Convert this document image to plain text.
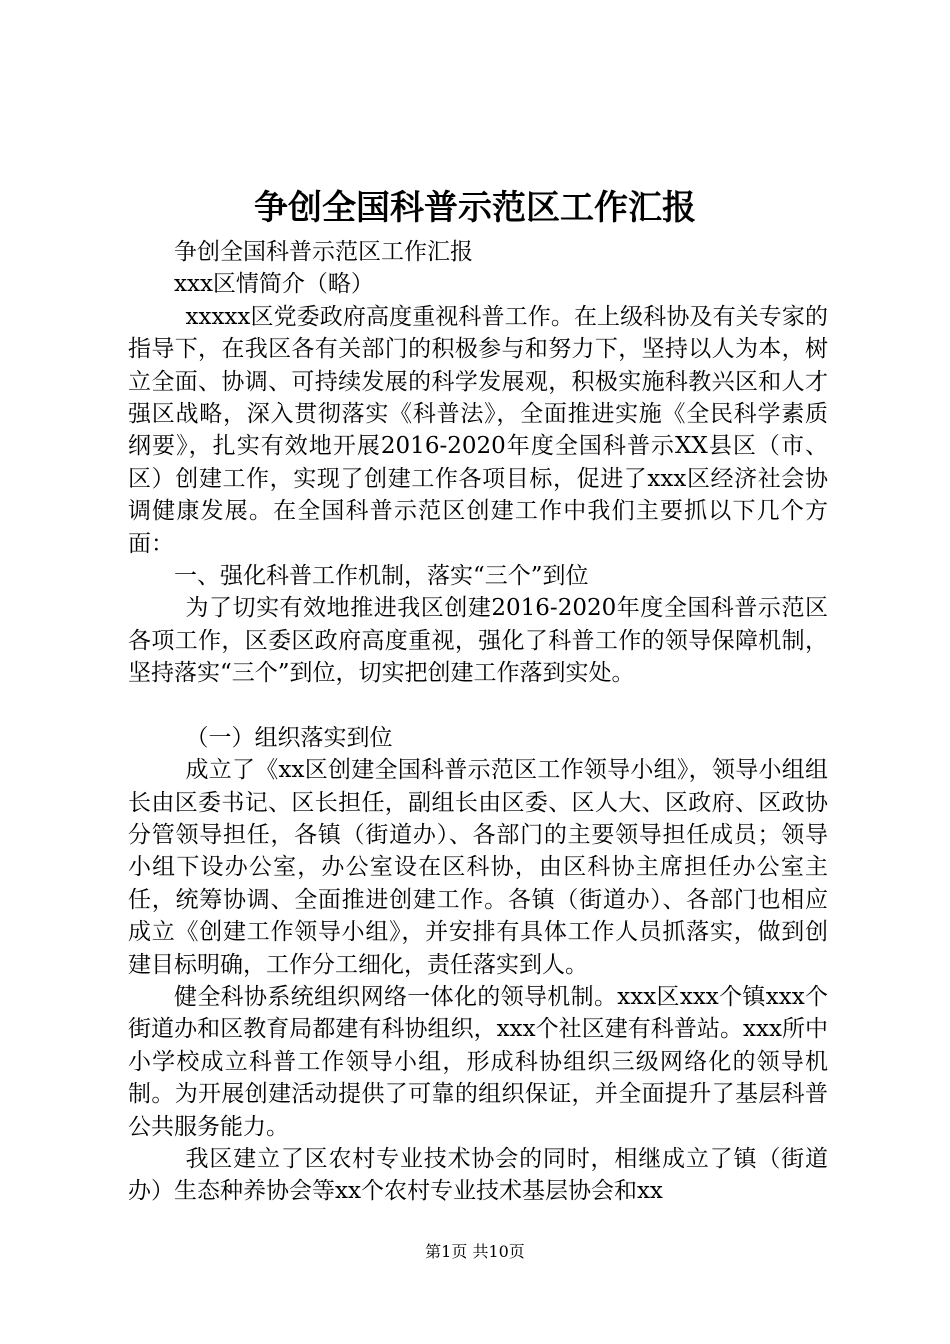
争创全国科普示范区工作汇报

争创全国科普示范区工作汇报

xxx区情简介（略）

xxxxx区党委政府高度重视科普工作。在上级科协及有关专家的指导下，在我区各有关部门的积极参与和努力下，坚持以人为本，树立全面、协调、可持续发展的科学发展观，积极实施科教兴区和人才强区战略，深入贯彻落实《科普法》，全面推进实施《全民科学素质纲要》，扎实有效地开展2016-2020年度全国科普示XX县区（市、区）创建工作，实现了创建工作各项目标，促进了xxx区经济社会协调健康发展。在全国科普示范区创建工作中我们主要抓以下几个方面：

一、强化科普工作机制，落实“三个”到位

为了切实有效地推进我区创建2016-2020年度全国科普示范区各项工作，区委区政府高度重视，强化了科普工作的领导保障机制，坚持落实“三个”到位，切实把创建工作落到实处。

（一）组织落实到位

成立了《xx区创建全国科普示范区工作领导小组》，领导小组组长由区委书记、区长担任，副组长由区委、区人大、区政府、区政协分管领导担任，各镇（街道办）、各部门的主要领导担任成员；领导小组下设办公室，办公室设在区科协，由区科协主席担任办公室主任，统筹协调、全面推进创建工作。各镇（街道办）、各部门也相应成立《创建工作领导小组》，并安排有具体工作人员抓落实，做到创建目标明确，工作分工细化，责任落实到人。

健全科协系统组织网络一体化的领导机制。xxx区xxx个镇xxx个街道办和区教育局都建有科协组织，xxx个社区建有科普站。xxx所中小学校成立科普工作领导小组，形成科协组织三级网络化的领导机制。为开展创建活动提供了可靠的组织保证，并全面提升了基层科普公共服务能力。

我区建立了区农村专业技术协会的同时，相继成立了镇（街道办）生态种养协会等xx个农村专业技术基层协会和xx

第1页 共10页
